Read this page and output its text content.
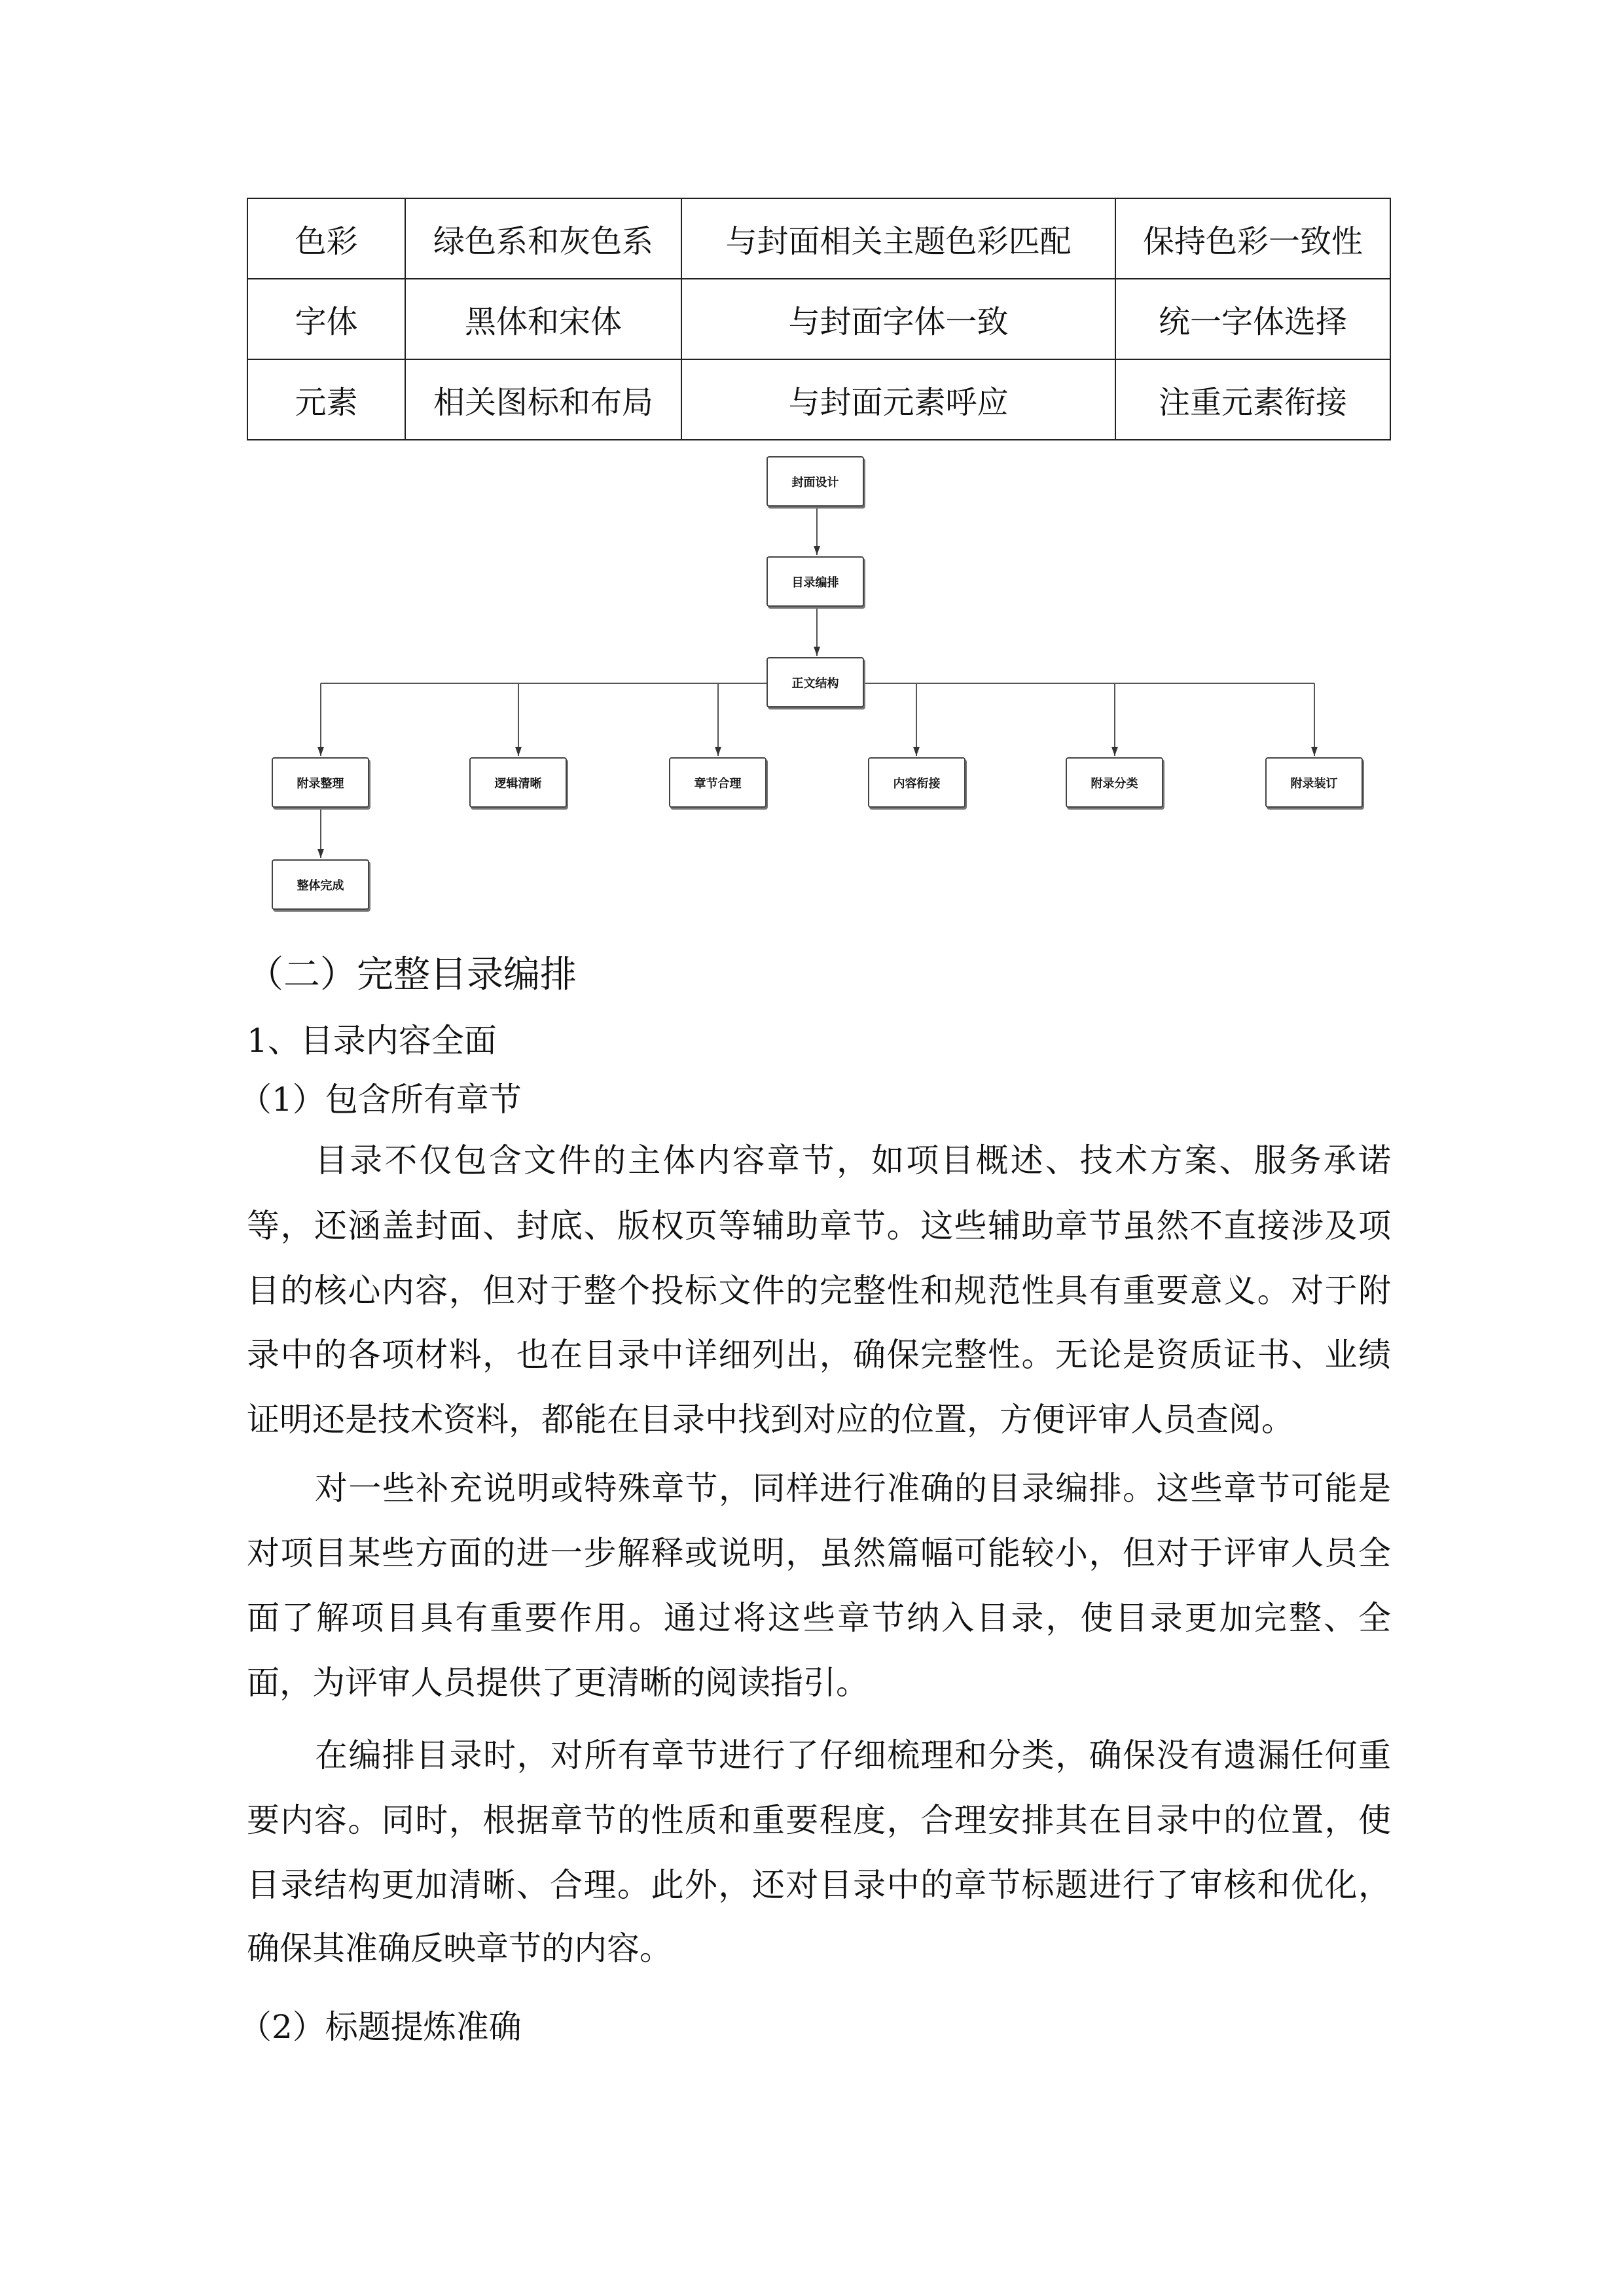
色彩	绿色系和灰色系	与封面相关主题色彩匹配	保持色彩一致性
字体	黑体和宋体	与封面字体一致	统一字体选择
元素	相关图标和布局	与封面元素呼应	注重元素衔接
封面设计
目录编排
正文结构
附录整理	逻辑清晰	章节合理	内容衔接	附录分类	附录装订
整体完成
（二）完整目录编排
1、目录内容全面
（1）包含所有章节
目录不仅包含文件的主体内容章节，如项目概述、技术方案、服务承诺
等，还涵盖封面、封底、版权页等辅助章节。这些辅助章节虽然不直接涉及项
目的核心内容，但对于整个投标文件的完整性和规范性具有重要意义。对于附
录中的各项材料，也在目录中详细列出，确保完整性。无论是资质证书、业绩
证明还是技术资料，都能在目录中找到对应的位置，方便评审人员查阅。
对一些补充说明或特殊章节，同样进行准确的目录编排。这些章节可能是
对项目某些方面的进一步解释或说明，虽然篇幅可能较小，但对于评审人员全
面了解项目具有重要作用。通过将这些章节纳入目录，使目录更加完整、全
面，为评审人员提供了更清晰的阅读指引。
在编排目录时，对所有章节进行了仔细梳理和分类，确保没有遗漏任何重
要内容。同时，根据章节的性质和重要程度，合理安排其在目录中的位置，使
目录结构更加清晰、合理。此外，还对目录中的章节标题进行了审核和优化，
确保其准确反映章节的内容。
（2）标题提炼准确
